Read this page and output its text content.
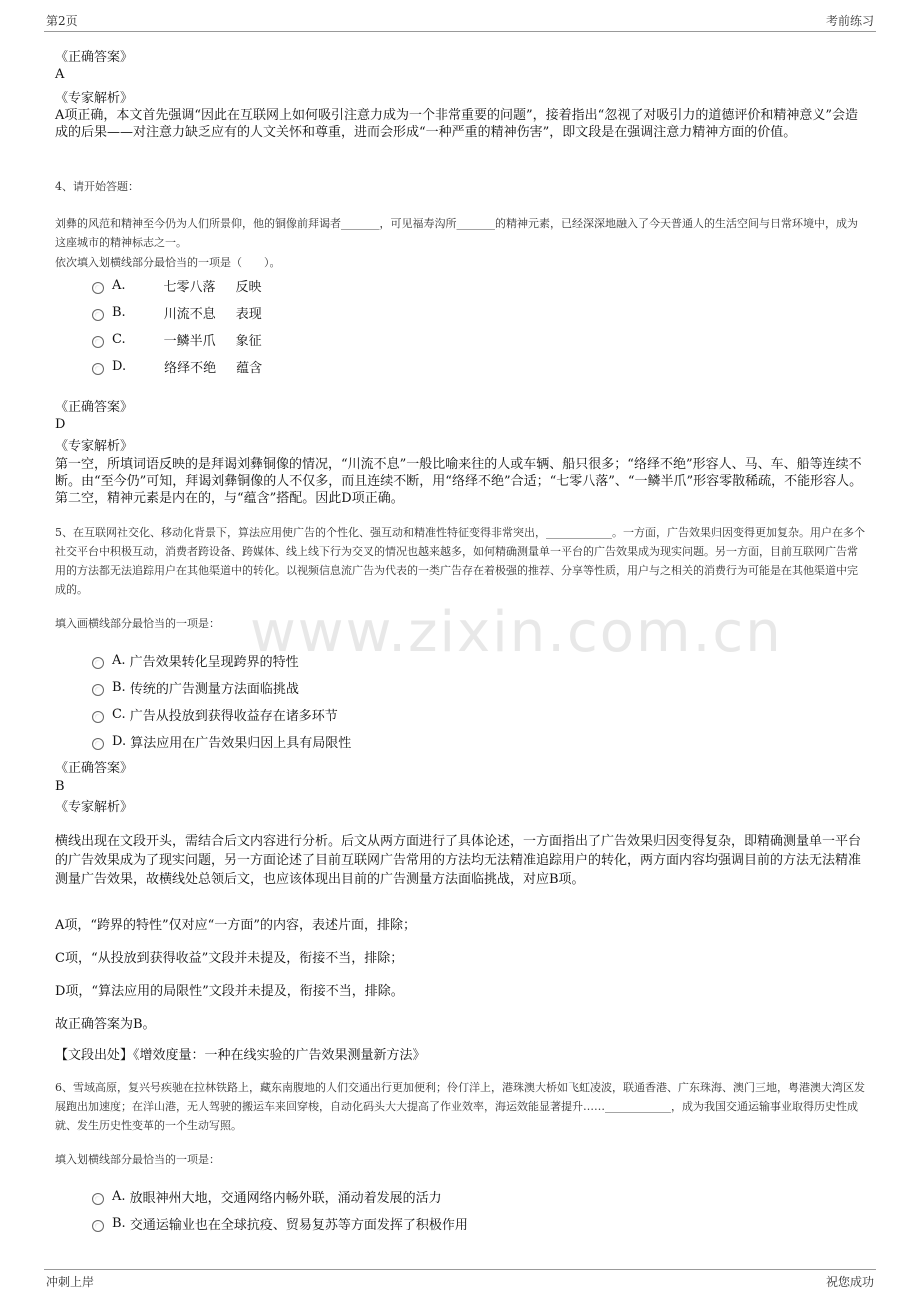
第2页	考前练习
www.zixin.com.cn
《正确答案》
A
《专家解析》
A项正确，本文首先强调“因此在互联网上如何吸引注意力成为一个非常重要的问题”，接着指出“忽视了对吸引力的道德评价和精神意义”会造成的后果——对注意力缺乏应有的人文关怀和尊重，进而会形成“一种严重的精神伤害”，即文段是在强调注意力精神方面的价值。
4、请开始答题：
刘彝的风范和精神至今仍为人们所景仰，他的铜像前拜谒者_______，可见福寿沟所_______的精神元素，已经深深地融入了今天普通人的生活空间与日常环境中，成为这座城市的精神标志之一。
依次填入划横线部分最恰当的一项是（　　）。
A.	七零八落 反映
B.	川流不息 表现
C.	一鳞半爪 象征
D.	络绎不绝 蕴含
《正确答案》
D
《专家解析》
第一空，所填词语反映的是拜谒刘彝铜像的情况，“川流不息”一般比喻来往的人或车辆、船只很多；“络绎不绝”形容人、马、车、船等连续不断。由“至今仍”可知，拜谒刘彝铜像的人不仅多，而且连续不断，用“络绎不绝”合适；“七零八落”、“一鳞半爪”形容零散稀疏，不能形容人。第二空，精神元素是内在的，与“蕴含”搭配。因此D项正确。
5、在互联网社交化、移动化背景下，算法应用使广告的个性化、强互动和精准性特征变得非常突出，____________。一方面，广告效果归因变得更加复杂。用户在多个社交平台中积极互动，消费者跨设备、跨媒体、线上线下行为交叉的情况也越来越多，如何精确测量单一平台的广告效果成为现实问题。另一方面，目前互联网广告常用的方法都无法追踪用户在其他渠道中的转化。以视频信息流广告为代表的一类广告存在着极强的推荐、分享等性质，用户与之相关的消费行为可能是在其他渠道中完成的。
填入画横线部分最恰当的一项是：
A.
广告效果转化呈现跨界的特性
B.
传统的广告测量方法面临挑战
C.
广告从投放到获得收益存在诸多环节
D.
算法应用在广告效果归因上具有局限性
《正确答案》
B
《专家解析》
横线出现在文段开头，需结合后文内容进行分析。后文从两方面进行了具体论述，一方面指出了广告效果归因变得复杂，即精确测量单一平台的广告效果成为了现实问题，另一方面论述了目前互联网广告常用的方法均无法精准追踪用户的转化，两方面内容均强调目前的方法无法精准测量广告效果，故横线处总领后文，也应该体现出目前的广告测量方法面临挑战，对应B项。
A项，“跨界的特性”仅对应“一方面”的内容，表述片面，排除；
C项，“从投放到获得收益”文段并未提及，衔接不当，排除；
D项，“算法应用的局限性”文段并未提及，衔接不当，排除。
故正确答案为B。
【文段出处】《增效度量：一种在线实验的广告效果测量新方法》
6、雪域高原，复兴号疾驰在拉林铁路上，藏东南腹地的人们交通出行更加便利；伶仃洋上，港珠澳大桥如飞虹凌波，联通香港、广东珠海、澳门三地，粤港澳大湾区发展跑出加速度；在洋山港，无人驾驶的搬运车来回穿梭，自动化码头大大提高了作业效率，海运效能显著提升……____________，成为我国交通运输事业取得历史性成就、发生历史性变革的一个生动写照。
填入划横线部分最恰当的一项是：
A.
放眼神州大地，交通网络内畅外联，涌动着发展的活力
B.
交通运输业也在全球抗疫、贸易复苏等方面发挥了积极作用
冲刺上岸	祝您成功
